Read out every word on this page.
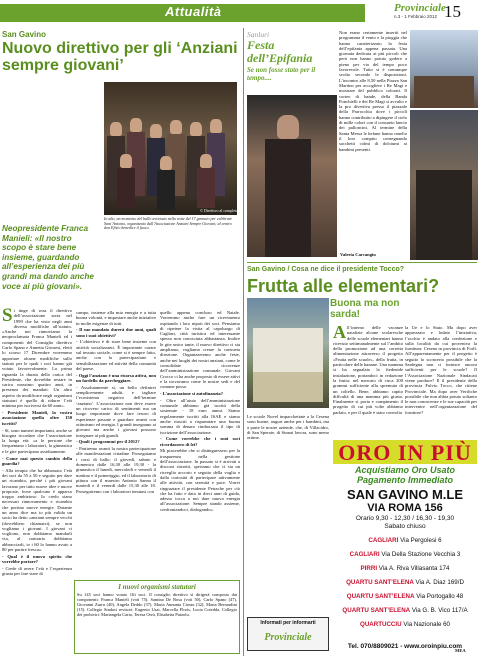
Attualità	Provinciale
n.3 - 1 Febbraio 2012 15
San Gavino
Nuovo direttivo per gli ‘Anziani sempre giovani’
© Direttivo al completo
In alto, un momento del ballo avvenuto nella notte del 17 gennaio per celebrare Sant’Antonio, organizzato dall’Associazione Anziani Sempre Giovani; al centro don Efisio benedice il fuoco.
Neopresidente Franca Manieli: «Il nostro scopo è stare bene insieme, guardando all’esperienza dei più grandi ma dando anche voce ai più giovani».

Si tinge di rosa il direttivo dell’associazione sorta nel 1999 che ha visto negli anni diversa modifiche all’statuto. «Anche noi rinnoviamo la neoproclamata Franca Manieli ed i componenti del Consiglio direttivo Carlo Spano e Annetta Girosesi, eletti lo scorso 17 Dicembre vorremmo apportare alcune modifiche sullo statuto per le quali i soci hanno già votato favorevolmente. La prima riguarda la durata della carica del Presidente, che dovrebbe restare in carica massimo quattro anni, in presenza dei mandati. Un altro aspetto da modificare negli organismi statutari è quello di ridurre l’età minima per iscriversi da 60 anni».

- Presidente Manieli, la vostra associazione quella oltre 150 iscritti?

- Sì, sono numeri importanti, anche se bisogna ricordare che l’associazione la lunga età: «a le persone che frequentano i laboratori, la ginnastica e le gite partecipano assiduamente.

- Come mai questo cambio della guardia?

- Alla terapia che ha abbassato l’età dei soci da 55 a 50 e seguito per dare un ricambio, perché i più giovani lavorano per tutto nuove idee e nuove proposte, forse qualcuno è apparso troppo ambizioso. Io credo siano necessari rinnovamento e ricambio che portino nuove energie. Durante un anno dice ma io più valida un socio ha detto «anziani sempre vecchi (dovrebbero chiamarsi), se non vogliamo i giovani. I giovani ci vogliono, non dobbiamo mandarli via, al contrario dobbiamo abbracciarli, io i 60 lo hanno avuto a 80 per partire fresca».

- Qual è il nuovo spirito che vorrebbe portare?

- Crede di avere l’età e l’esperienza giusta per fare stare di

campo, insieme alla mia energia e a tutta buona volontà, e impostare anche iniziative in molte esigenze di tutti.

- Il suo mandato durerà due anni, quali sono i suoi obiettivi?

- L’obiettivo è di stare bene insieme con attività socializzanti. È importante curare sul tessuto sociale, come si è sempre fatto, anche con la partecipazione e sensibilizzazione ed attività della comunità del paese.

- Oggi l’anziano è una risorsa attiva, non un fardello da parcheggiare.

- Assolutamente sì, un bello definirei semplicemente adulti, e tagliare l’ecosistema negativo dell’termine ‘anziano’. L’associazione non deve essere un ricovero carico di sentimenti ma un luogo importante dove fare tesoro di esperienze passate e guardare avanti con ottimismo ed energia. I grandi insegnano ai giovani ma anche i giovani possono insegnare ai più grandi.

- Quali i programmi per il 2012?

- Partiremo avanti la nostra partecipazione alle manifestazioni cittadine. Proseguiamo i corsi di ballo: il giovedì, sabato e domenica dalle 16,30 alle 19,30 - la ginnastica il lunedì, mercoledì e venerdì il mattino e il pomeriggio, ed il laboratorio di pittura con il maestro Antonio Sanna il martedì e il venerdì dalle 15,30 alle 18. Proseguiremo con i laboratori tenutasi con

quello appena concluso ed Natale. Vorremmo anche fare un ricevimento ospitando i loro nipoti dei soci. Pensiamo di ripetere la visita al capoluogo di Cagliari, città turistica ed interessante spesso non conosciuta abbastanza. Inoltre le gite unico tante, il nuovo direttivo ci sta ampliamo, vogliamo creare la consueta direzione. Organizzeremo anche feste, anche nei luoghi dei nostri anziani, come le consolidate ricorrenze dell’amministrazione comunale. Giovani Crocco ci ha anche proposto di essere attivi e la trovavamo come le nostre sedi e del comune posso.

- L’associazione si autofinanzia?

- Oltre all’aiuto dell’amministrazione comunale abbiamo già iscritti della sostenute - 18 euro annui. Siamo regolarmente iscritti alla ISAE e siamo anche riusciti a risparmiare una buona somma di denaro rimborsata il tipo di iscrizione dell’associazione.

- Come vorrebbe che i suoi soci ricordassero di lei?

Mi piacerebbe che si distinguessero per la trasparenza nella gestione dell’associazione. In passato si è arrivati a discorsi ristretti, speriamo che ci sia un risveglio accorto e seguito della voglia e dalla curiosità di partecipare attivamente alle attività, con serenità e pace. Vorrei ringraziare il presidente Petrache per ciò che ha fatto e dato in dieci anni di guida, adesso tocca a noi dare nuova energia all’associazione. Sempre stando assieme, confrontandoci, dialogando».

I nuovi organismi statutari
Su 145 soci hanno votato 1lfi soci. Il consiglio direttivo sì dirigerà composto dai componenti: Franca Manieli (voti 75), Santina De Rosa (voti 50), Carlo Spano (47), Giovanni Zurru (40), Angela Deddo (37), Maria Annunta Cireau (32), Maria Bernardini (15). Collegio Sindaci revisori: Eugenio Usai, Marcella Floris, Lucia Cotedda. Collegio dei probiviri: Mariangela Carta, Teresa Orrù, Elisabetta Putzolu.
Sanluri
Festa dell’Epifania
Se non fosse stato per il tempo....

Non erano certamente inseriti nel programma il vento e la pioggia che hanno caratterizzato la festa dell’epifania appena passata. Una giornata dedicata ai più piccoli che però non hanno potuto godere a pieno per via del tempo poco favorevole. Tutto si è comunque svolto secondo le disposizioni. L’incontro alle 8,50 nella Piazza San Martino per accogliere i Re Magi e mostrare del pubblico colorati. Il corteo di bande, della Banda Ponchielli e dei Re Magi si avvalio e la pro divertiva presso il piazzale della Parrocchia dove i piccoli hanno contribuito a dipingere il cielo di mille colori con il consueto lancio dei palloncini. Al termine della Santa Messa le befane hanno omelio il loro compito consegnando sacchetti colmi di dolciumi ai bambini presenti.

Valeria Carcangiu
San Gavino / Cosa ne dice il presidente Tocco?
Frutta alle elementari?
Buona ma non sarda!

All’interno delle vacanze natalizie alcune scolaresche delle scuole elementari hanno ricevuto settimanalmente sul l’ambito della promozione ad una corretta alimentazione attraverso il progetto «Frutta nelle scuole», della frutta, in particolare delle banane. Una mamma si ha segnalato la fiedenide instalazione, portandoci in redazione la frutta: nel mercato di circa 200 grammi sufficiente alla spremuta di un coltello. Bene, abbiamo capito diffcultà di una mamma più giusta. Finalmente si porta e compimento il progetto di cui più volte abbiamo parlato, e per il quale è stato convolta

la Ue e lo Stato. Ma dopo aver apprezzato e lodato l’iniziativa, l’occhio è andato alla confezione e sulla località da cui proveniva la fornitura: Cesena in provincia di Forlì. All’apparentamente per il progetto è seguito lo sconcerto possibile che la Sardegna non ci fornisce ancora sufficienti per le scuole? Il l’Associazione Nazionale Sindacati viene produce? Il il presidente della provincia Fulvio Tocco, che ritiene Provinciale. Ma dopo aver Verifiche possibile che non abbia potuto soltanto le non conoscenze e le sue capacità per intervenire nell’organizzazione del fornitore?

Le scuole Nuvel impacchettate a la Cesena sono buone, auguri anche per i bambini, ma a parte le nostre aziende, che, di Villacidro, di San Sperate, di Sinnai lavora, sono meno ottime.

MEA
Informati per informarti
Provinciale
ORO IN PIÙ
Acquistiamo Oro Usato
Pagamento Immediato
SAN GAVINO M.LE
VIA ROMA 156
Orario 9,30 - 12,30 / 16,30 - 19,30
Sabato chiuso
CAGLIARI Via Pergolesi 6
CAGLIARI Via Della Stazione Vecchia 3
PIRRI Via A. Riva Villasanta 174
QUARTU SANT’ELENA Via A. Diaz 169/D
QUARTU SANT’ELENA Via Portogallo 48
QUARTU SANT’ELENA Via G. B. Vico 117/A
QUARTUCCIU Via Nazionale 60
Tel. 070/8809021 - www.oroinpiu.com
